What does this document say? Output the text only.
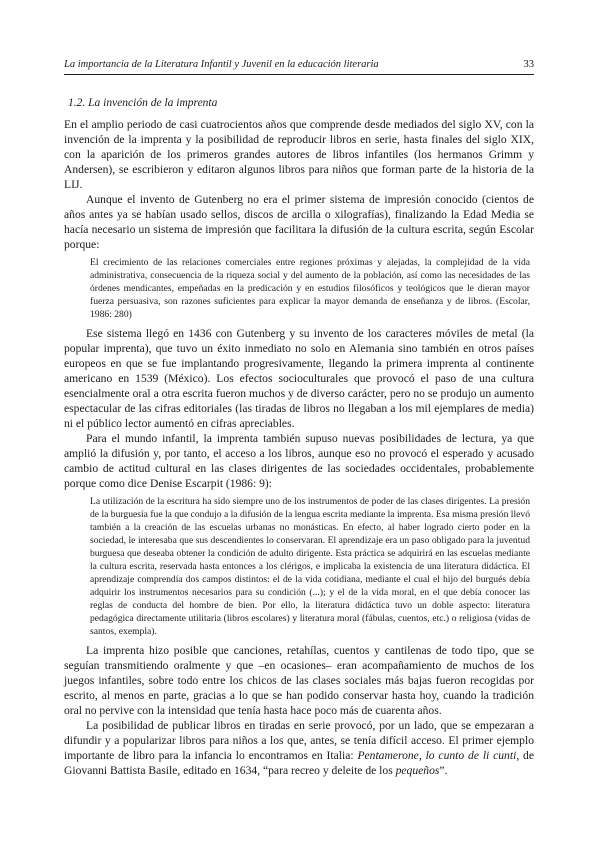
La importancia de la Literatura Infantil y Juvenil en la educación literaria	33
1.2. La invención de la imprenta

En el amplio periodo de casi cuatrocientos años que comprende desde mediados del siglo XV, con la invención de la imprenta y la posibilidad de reproducir libros en serie, hasta finales del siglo XIX, con la aparición de los primeros grandes autores de libros infantiles (los hermanos Grimm y Andersen), se escribieron y editaron algunos libros para niños que forman parte de la historia de la LIJ.

Aunque el invento de Gutenberg no era el primer sistema de impresión conocido (cientos de años antes ya se habían usado sellos, discos de arcilla o xilografías), finalizando la Edad Media se hacía necesario un sistema de impresión que facilitara la difusión de la cultura escrita, según Escolar porque:

El crecimiento de las relaciones comerciales entre regiones próximas y alejadas, la complejidad de la vida administrativa, consecuencia de la riqueza social y del aumento de la población, así como las necesidades de las órdenes mendicantes, empeñadas en la predicación y en estudios filosóficos y teológicos que le dieran mayor fuerza persuasiva, son razones suficientes para explicar la mayor demanda de enseñanza y de libros. (Escolar, 1986: 280)

Ese sistema llegó en 1436 con Gutenberg y su invento de los caracteres móviles de metal (la popular imprenta), que tuvo un éxito inmediato no solo en Alemania sino también en otros países europeos en que se fue implantando progresivamente, llegando la primera imprenta al continente americano en 1539 (México). Los efectos socioculturales que provocó el paso de una cultura esencialmente oral a otra escrita fueron muchos y de diverso carácter, pero no se produjo un aumento espectacular de las cifras editoriales (las tiradas de libros no llegaban a los mil ejemplares de media) ni el público lector aumentó en cifras apreciables.

Para el mundo infantil, la imprenta también supuso nuevas posibilidades de lectura, ya que amplió la difusión y, por tanto, el acceso a los libros, aunque eso no provocó el esperado y acusado cambio de actitud cultural en las clases dirigentes de las sociedades occidentales, probablemente porque como dice Denise Escarpit (1986: 9):

La utilización de la escritura ha sido siempre uno de los instrumentos de poder de las clases dirigentes. La presión de la burguesía fue la que condujo a la difusión de la lengua escrita mediante la imprenta. Esa misma presión llevó también a la creación de las escuelas urbanas no monásticas. En efecto, al haber logrado cierto poder en la sociedad, le interesaba que sus descendientes lo conservaran. El aprendizaje era un paso obligado para la juventud burguesa que deseaba obtener la condición de adulto dirigente. Esta práctica se adquirirá en las escuelas mediante la cultura escrita, reservada hasta entonces a los clérigos, e implicaba la existencia de una literatura didáctica. El aprendizaje comprendía dos campos distintos: el de la vida cotidiana, mediante el cual el hijo del burgués debía adquirir los instrumentos necesarios para su condición (...); y el de la vida moral, en el que debía conocer las reglas de conducta del hombre de bien. Por ello, la literatura didáctica tuvo un doble aspecto: literatura pedagógica directamente utilitaria (libros escolares) y literatura moral (fábulas, cuentos, etc.) o religiosa (vidas de santos, exempla).

La imprenta hizo posible que canciones, retahílas, cuentos y cantilenas de todo tipo, que se seguían transmitiendo oralmente y que –en ocasiones– eran acompañamiento de muchos de los juegos infantiles, sobre todo entre los chicos de las clases sociales más bajas fueron recogidas por escrito, al menos en parte, gracias a lo que se han podido conservar hasta hoy, cuando la tradición oral no pervive con la intensidad que tenía hasta hace poco más de cuarenta años.

La posibilidad de publicar libros en tiradas en serie provocó, por un lado, que se empezaran a difundir y a popularizar libros para niños a los que, antes, se tenía difícil acceso. El primer ejemplo importante de libro para la infancia lo encontramos en Italia: Pentamerone, lo cunto de li cunti, de Giovanni Battista Basile, editado en 1634, “para recreo y deleite de los pequeños”.
